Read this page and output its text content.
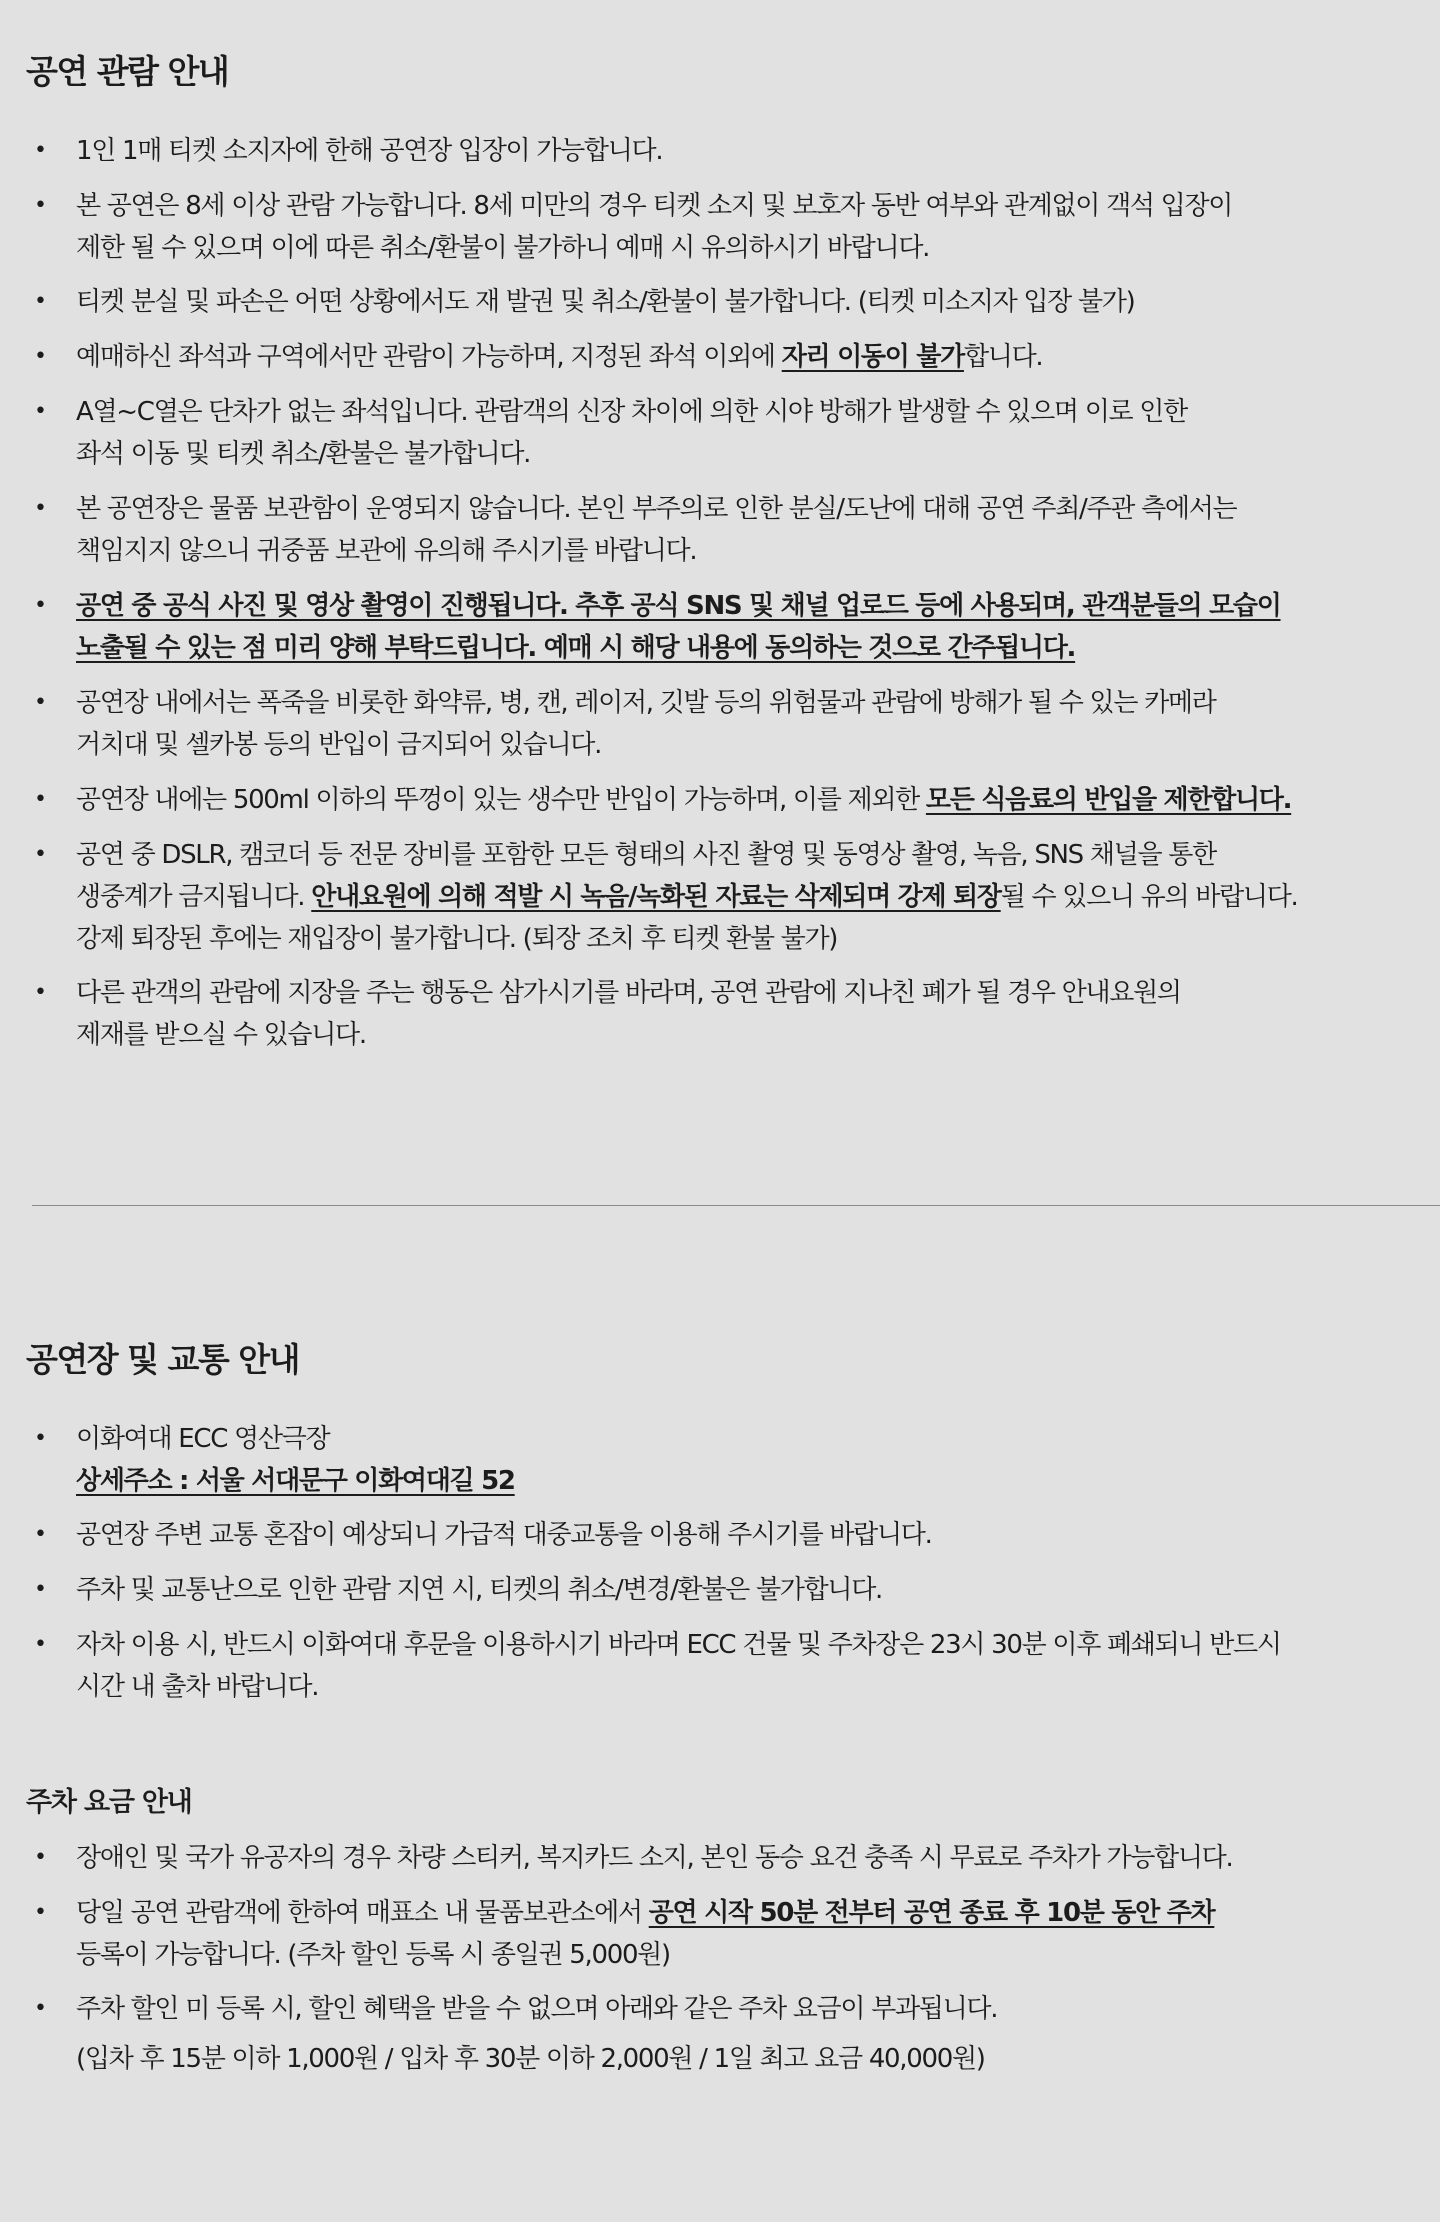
공연 관람 안내
• 1인 1매 티켓 소지자에 한해 공연장 입장이 가능합니다.
• 본 공연은 8세 이상 관람 가능합니다. 8세 미만의 경우 티켓 소지 및 보호자 동반 여부와 관계없이 객석 입장이
제한 될 수 있으며 이에 따른 취소/환불이 불가하니 예매 시 유의하시기 바랍니다.
• 티켓 분실 및 파손은 어떤 상황에서도 재 발권 및 취소/환불이 불가합니다. (티켓 미소지자 입장 불가)
• 예매하신 좌석과 구역에서만 관람이 가능하며, 지정된 좌석 이외에 자리 이동이 불가합니다.
• A열~C열은 단차가 없는 좌석입니다. 관람객의 신장 차이에 의한 시야 방해가 발생할 수 있으며 이로 인한
좌석 이동 및 티켓 취소/환불은 불가합니다.
• 본 공연장은 물품 보관함이 운영되지 않습니다. 본인 부주의로 인한 분실/도난에 대해 공연 주최/주관 측에서는
책임지지 않으니 귀중품 보관에 유의해 주시기를 바랍니다.
• 공연 중 공식 사진 및 영상 촬영이 진행됩니다. 추후 공식 SNS 및 채널 업로드 등에 사용되며, 관객분들의 모습이
노출될 수 있는 점 미리 양해 부탁드립니다. 예매 시 해당 내용에 동의하는 것으로 간주됩니다.
• 공연장 내에서는 폭죽을 비롯한 화약류, 병, 캔, 레이저, 깃발 등의 위험물과 관람에 방해가 될 수 있는 카메라
거치대 및 셀카봉 등의 반입이 금지되어 있습니다.
• 공연장 내에는 500ml 이하의 뚜껑이 있는 생수만 반입이 가능하며, 이를 제외한 모든 식음료의 반입을 제한합니다.
• 공연 중 DSLR, 캠코더 등 전문 장비를 포함한 모든 형태의 사진 촬영 및 동영상 촬영, 녹음, SNS 채널을 통한
생중계가 금지됩니다. 안내요원에 의해 적발 시 녹음/녹화된 자료는 삭제되며 강제 퇴장될 수 있으니 유의 바랍니다.
강제 퇴장된 후에는 재입장이 불가합니다. (퇴장 조치 후 티켓 환불 불가)
• 다른 관객의 관람에 지장을 주는 행동은 삼가시기를 바라며, 공연 관람에 지나친 폐가 될 경우 안내요원의
제재를 받으실 수 있습니다.
공연장 및 교통 안내
• 이화여대 ECC 영산극장
상세주소 : 서울 서대문구 이화여대길 52
• 공연장 주변 교통 혼잡이 예상되니 가급적 대중교통을 이용해 주시기를 바랍니다.
• 주차 및 교통난으로 인한 관람 지연 시, 티켓의 취소/변경/환불은 불가합니다.
• 자차 이용 시, 반드시 이화여대 후문을 이용하시기 바라며 ECC 건물 및 주차장은 23시 30분 이후 폐쇄되니 반드시
시간 내 출차 바랍니다.
주차 요금 안내
• 장애인 및 국가 유공자의 경우 차량 스티커, 복지카드 소지, 본인 동승 요건 충족 시 무료로 주차가 가능합니다.
• 당일 공연 관람객에 한하여 매표소 내 물품보관소에서 공연 시작 50분 전부터 공연 종료 후 10분 동안 주차
등록이 가능합니다. (주차 할인 등록 시 종일권 5,000원)
• 주차 할인 미 등록 시, 할인 혜택을 받을 수 없으며 아래와 같은 주차 요금이 부과됩니다.
(입차 후 15분 이하 1,000원 / 입차 후 30분 이하 2,000원 / 1일 최고 요금 40,000원)
